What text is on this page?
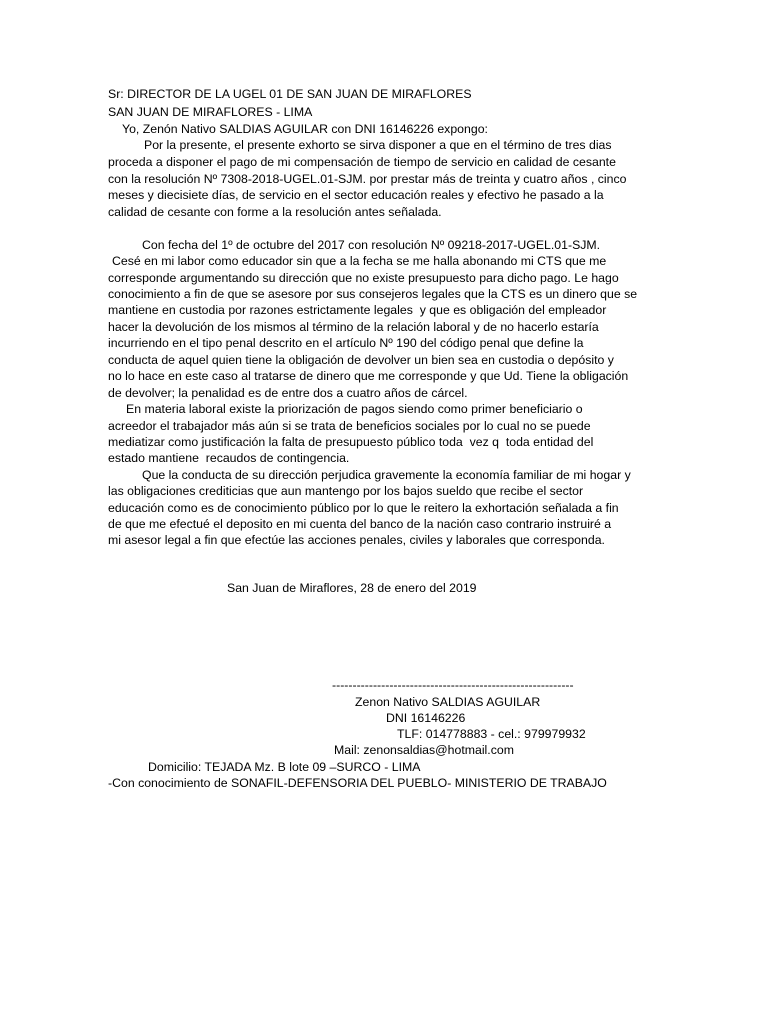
Sr: DIRECTOR DE LA UGEL 01 DE SAN JUAN DE MIRAFLORES

SAN JUAN DE MIRAFLORES - LIMA

Yo, Zenón Nativo SALDIAS AGUILAR con DNI 16146226 expongo:

Por la presente, el presente exhorto se sirva disponer a que en el término de tres dias

proceda a disponer el pago de mi compensación de tiempo de servicio en calidad de cesante

con la resolución Nº 7308-2018-UGEL.01-SJM. por prestar más de treinta y cuatro años , cinco

meses y diecisiete días, de servicio en el sector educación reales y efectivo he pasado a la

calidad de cesante con forme a la resolución antes señalada.

Con fecha del 1º de octubre del 2017 con resolución Nº 09218-2017-UGEL.01-SJM.

Cesé en mi labor como educador sin que a la fecha se me halla abonando mi CTS que me

corresponde argumentando su dirección que no existe presupuesto para dicho pago. Le hago

conocimiento a fin de que se asesore por sus consejeros legales que la CTS es un dinero que se

mantiene en custodia por razones estrictamente legales  y que es obligación del empleador

hacer la devolución de los mismos al término de la relación laboral y de no hacerlo estaría

incurriendo en el tipo penal descrito en el artículo Nº 190 del código penal que define la

conducta de aquel quien tiene la obligación de devolver un bien sea en custodia o depósito y

no lo hace en este caso al tratarse de dinero que me corresponde y que Ud. Tiene la obligación

de devolver; la penalidad es de entre dos a cuatro años de cárcel.

En materia laboral existe la priorización de pagos siendo como primer beneficiario o

acreedor el trabajador más aún si se trata de beneficios sociales por lo cual no se puede

mediatizar como justificación la falta de presupuesto público toda  vez q  toda entidad del

estado mantiene  recaudos de contingencia.

Que la conducta de su dirección perjudica gravemente la economía familiar de mi hogar y

las obligaciones crediticias que aun mantengo por los bajos sueldo que recibe el sector

educación como es de conocimiento público por lo que le reitero la exhortación señalada a fin

de que me efectué el deposito en mi cuenta del banco de la nación caso contrario instruiré a

mi asesor legal a fin que efectúe las acciones penales, civiles y laborales que corresponda.

San Juan de Miraflores, 28 de enero del 2019

-----------------------------------------------------------

Zenon Nativo SALDIAS AGUILAR

DNI 16146226

TLF: 014778883 - cel.: 979979932

Mail: zenonsaldias@hotmail.com

Domicilio: TEJADA Mz. B lote 09 –SURCO - LIMA

-Con conocimiento de SONAFIL-DEFENSORIA DEL PUEBLO- MINISTERIO DE TRABAJO
